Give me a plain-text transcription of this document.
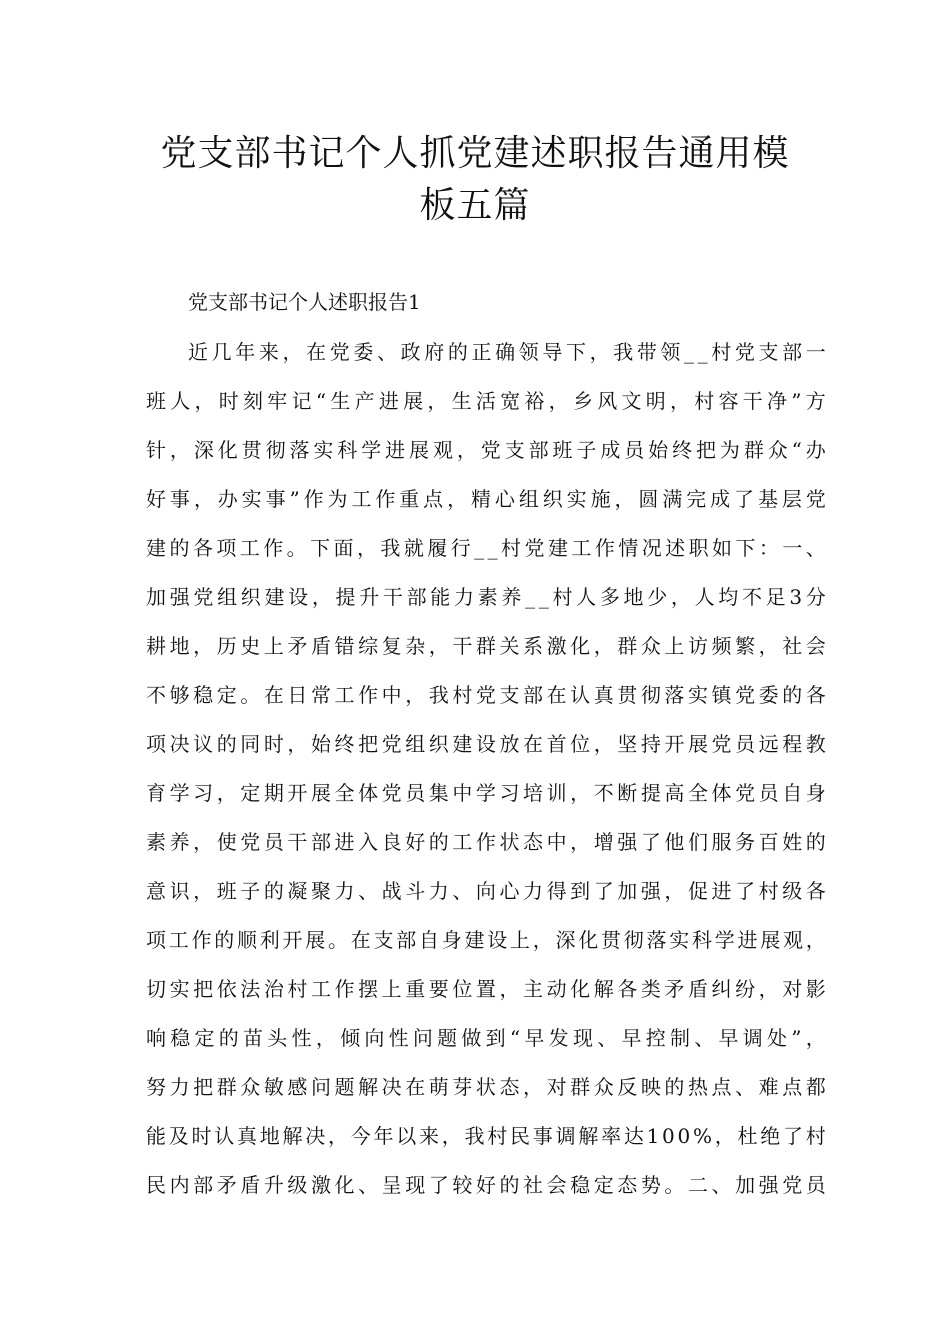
党支部书记个人抓党建述职报告通用模
板五篇

党支部书记个人述职报告1

近几年来，在党委、政府的正确领导下，我带领__村党支部一

班人，时刻牢记“生产进展，生活宽裕，乡风文明，村容干净”方

针，深化贯彻落实科学进展观，党支部班子成员始终把为群众“办

好事，办实事”作为工作重点，精心组织实施，圆满完成了基层党

建的各项工作。下面，我就履行__村党建工作情况述职如下：一、

加强党组织建设，提升干部能力素养__村人多地少，人均不足3分

耕地，历史上矛盾错综复杂，干群关系激化，群众上访频繁，社会

不够稳定。在日常工作中，我村党支部在认真贯彻落实镇党委的各

项决议的同时，始终把党组织建设放在首位，坚持开展党员远程教

育学习，定期开展全体党员集中学习培训，不断提高全体党员自身

素养，使党员干部进入良好的工作状态中，增强了他们服务百姓的

意识，班子的凝聚力、战斗力、向心力得到了加强，促进了村级各

项工作的顺利开展。在支部自身建设上，深化贯彻落实科学进展观，

切实把依法治村工作摆上重要位置，主动化解各类矛盾纠纷，对影

响稳定的苗头性，倾向性问题做到“早发现、早控制、早调处”，

努力把群众敏感问题解决在萌芽状态，对群众反映的热点、难点都

能及时认真地解决，今年以来，我村民事调解率达100%，杜绝了村

民内部矛盾升级激化、呈现了较好的社会稳定态势。二、加强党员
